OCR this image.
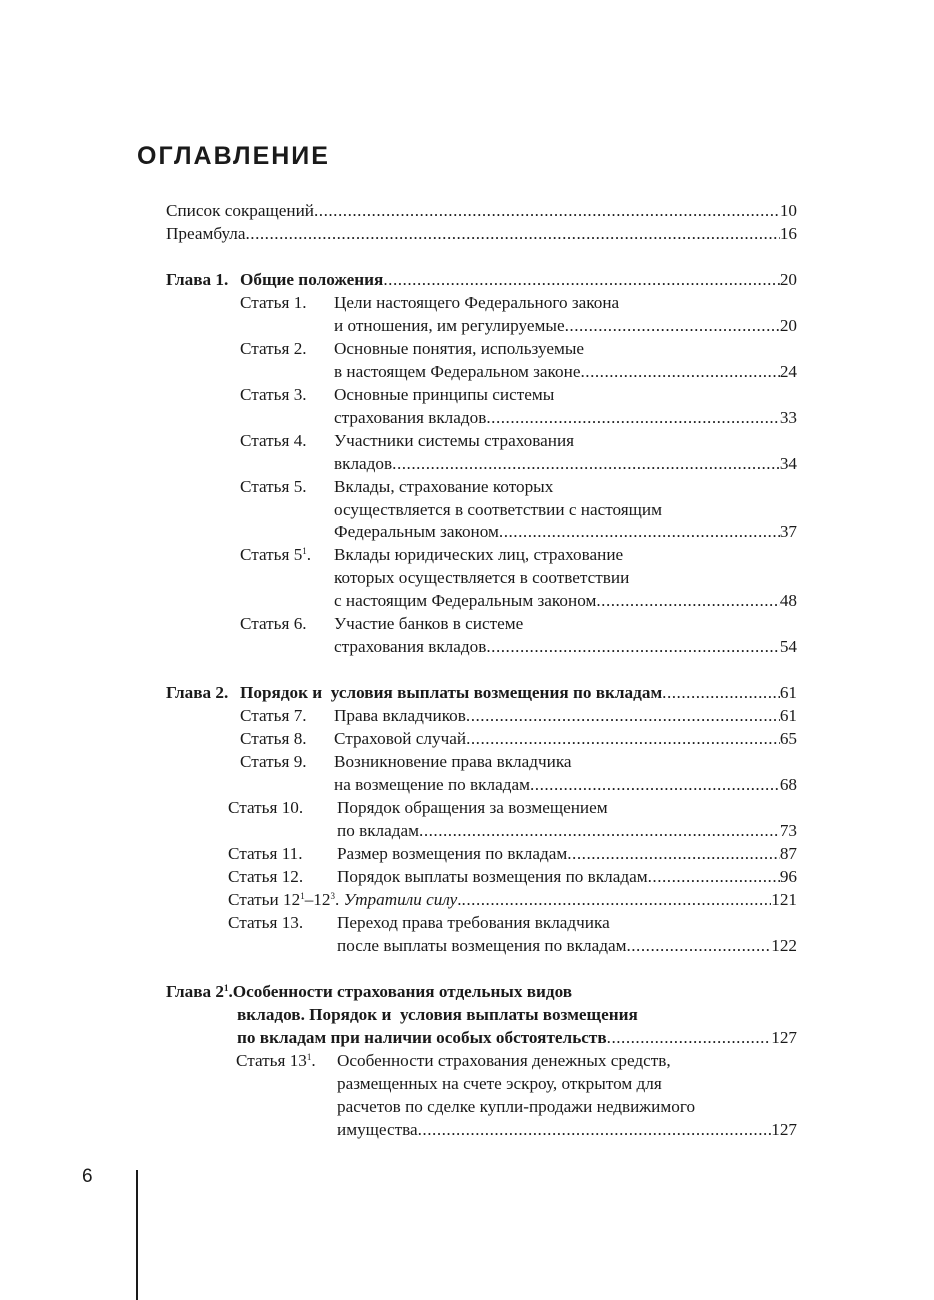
ОГЛАВЛЕНИЕ
Список сокращений .....	10
Преамбула .....	16
Глава 1. Общие положения .....	20
Статья 1. Цели настоящего Федерального закона
и отношения, им регулируемые .....	20
Статья 2. Основные понятия, используемые
в настоящем Федеральном законе .....	24
Статья 3. Основные принципы системы
страхования вкладов .....	33
Статья 4. Участники системы страхования
вкладов .....	34
Статья 5. Вклады, страхование которых
осуществляется в соответствии с настоящим
Федеральным законом .....	37
Статья $5^1$. Вклады юридических лиц, страхование
которых осуществляется в соответствии
с настоящим Федеральным законом .....	48
Статья 6. Участие банков в системе
страхования вкладов .....	54
Глава 2. Порядок и  условия выплаты возмещения по вкладам .....	61
Статья 7. Права вкладчиков .....	61
Статья 8. Страховой случай .....	65
Статья 9. Возникновение права вкладчика
на возмещение по вкладам .....	68
Статья 10. Порядок обращения за возмещением
по вкладам .....	73
Статья 11. Размер возмещения по вкладам .....	87
Статья 12. Порядок выплаты возмещения по вкладам .....	96
Статьи $12^1-12^3$. Утратили силу. .....	121
Статья 13. Переход права требования вкладчика
после выплаты возмещения по вкладам .....	122
Глава $2^1.Особенности$ страхования отдельных видов
вкладов. Порядок и  условия выплаты возмещения
по вкладам при наличии особых обстоятельств .....	127
Статья $13^1$. Особенности страхования денежных средств,
размещенных на счете эскроу, открытом для
расчетов по сделке купли-продажи недвижимого
имущества .....	127
6
